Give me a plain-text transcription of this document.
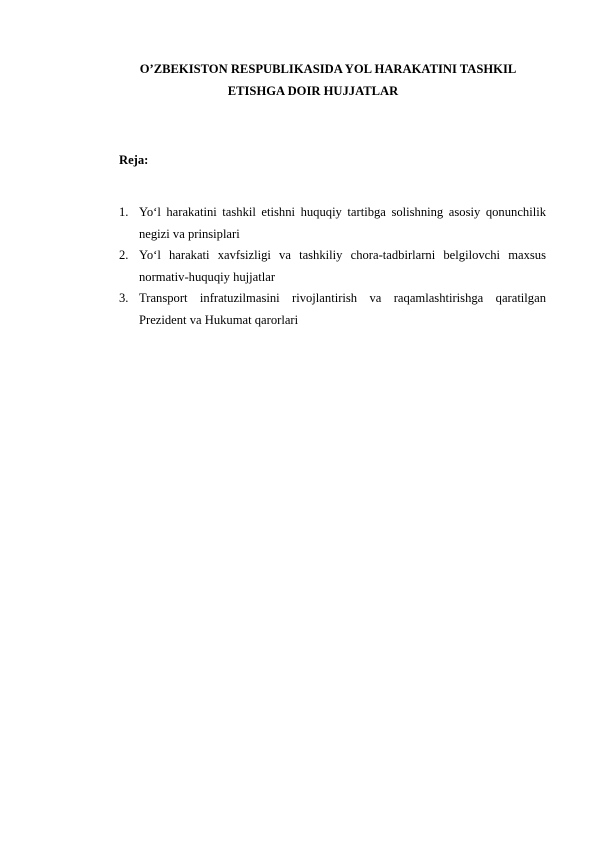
O’ZBEKISTON RESPUBLIKASIDA YOL HARAKATINI TASHKIL
ETISHGA DOIR HUJJATLAR
Reja:
1. Yo‘l harakatini tashkil etishni huquqiy tartibga solishning asosiy qonunchilik negizi va prinsiplari
2. Yo‘l harakati xavfsizligi va tashkiliy chora-tadbirlarni belgilovchi maxsus normativ-huquqiy hujjatlar
3. Transport infratuzilmasini rivojlantirish va raqamlashtirishga qaratilgan Prezident va Hukumat qarorlari
